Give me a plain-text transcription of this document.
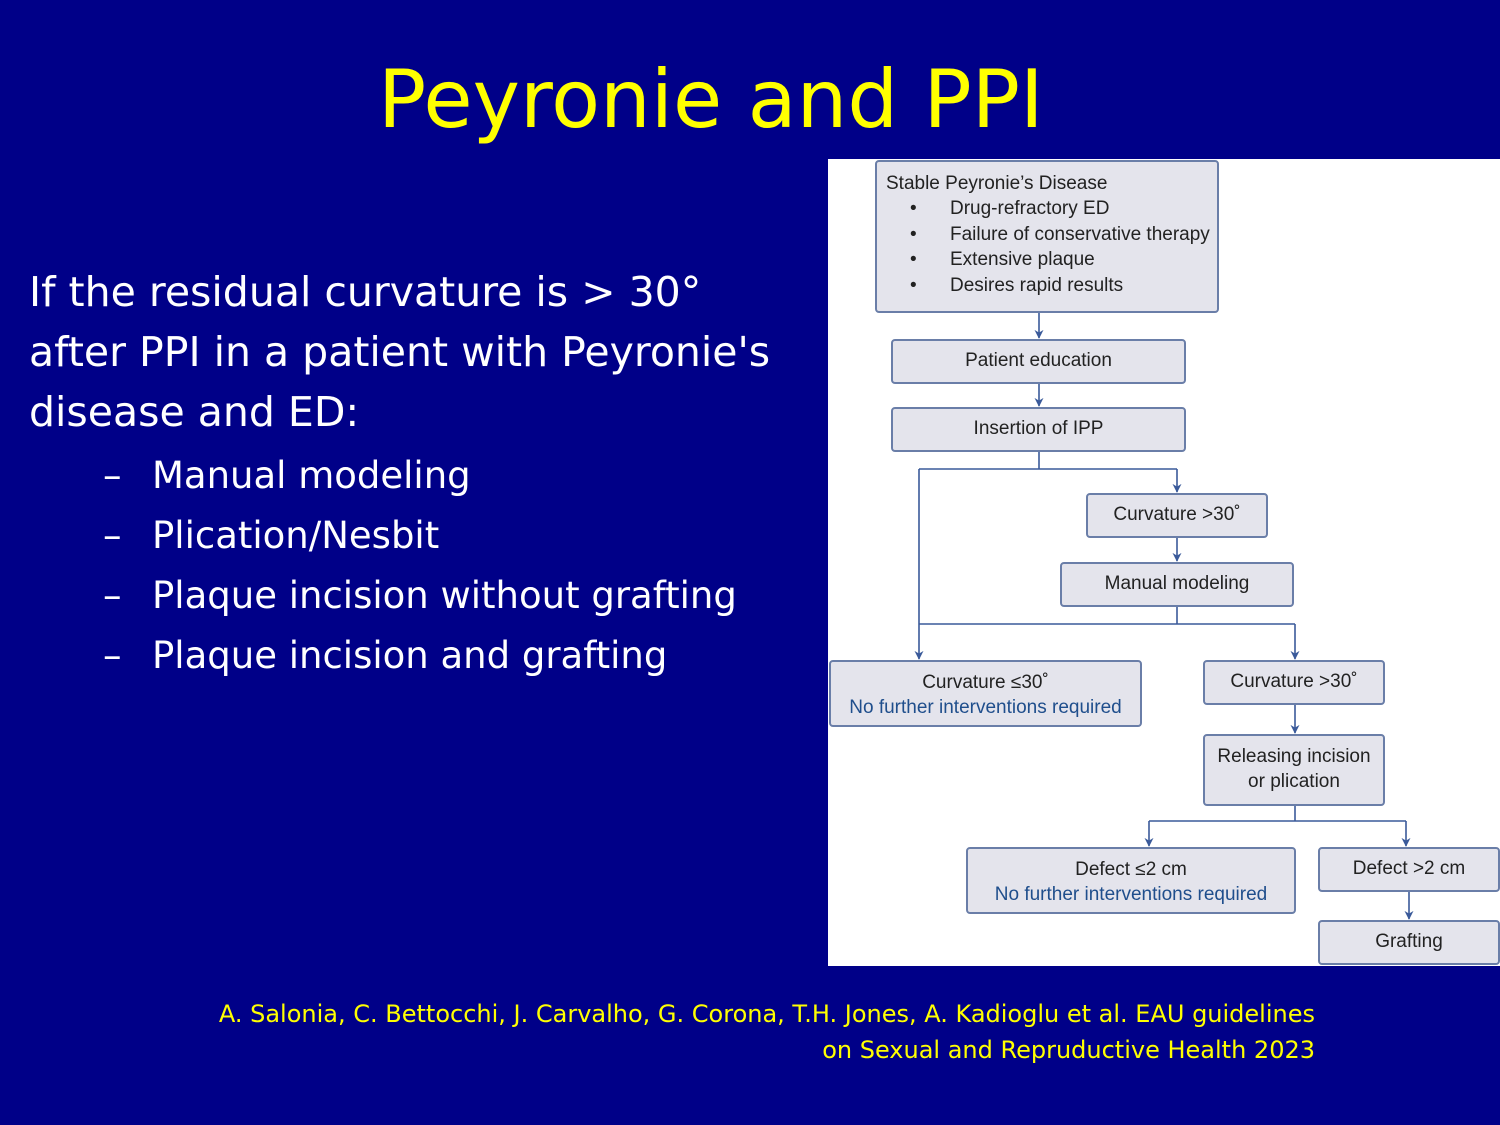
Peyronie and PPI
If the residual curvature is > 30° after PPI in a patient with Peyronie's disease and ED:
– Manual modeling
– Plication/Nesbit
– Plaque incision without grafting
– Plaque incision and grafting
Stable Peyronie’s Disease
• Drug-refractory ED
• Failure of conservative therapy
• Extensive plaque
• Desires rapid results
Patient education
Insertion of IPP
Curvature >30˚
Manual modeling
Curvature ≤30˚
No further interventions required
Curvature >30˚
Releasing incision
or plication
Defect ≤2 cm
No further interventions required
Defect >2 cm
Grafting
A. Salonia, C. Bettocchi, J. Carvalho, G. Corona, T.H. Jones, A. Kadioglu et al. EAU guidelines
on Sexual and Repruductive Health 2023
